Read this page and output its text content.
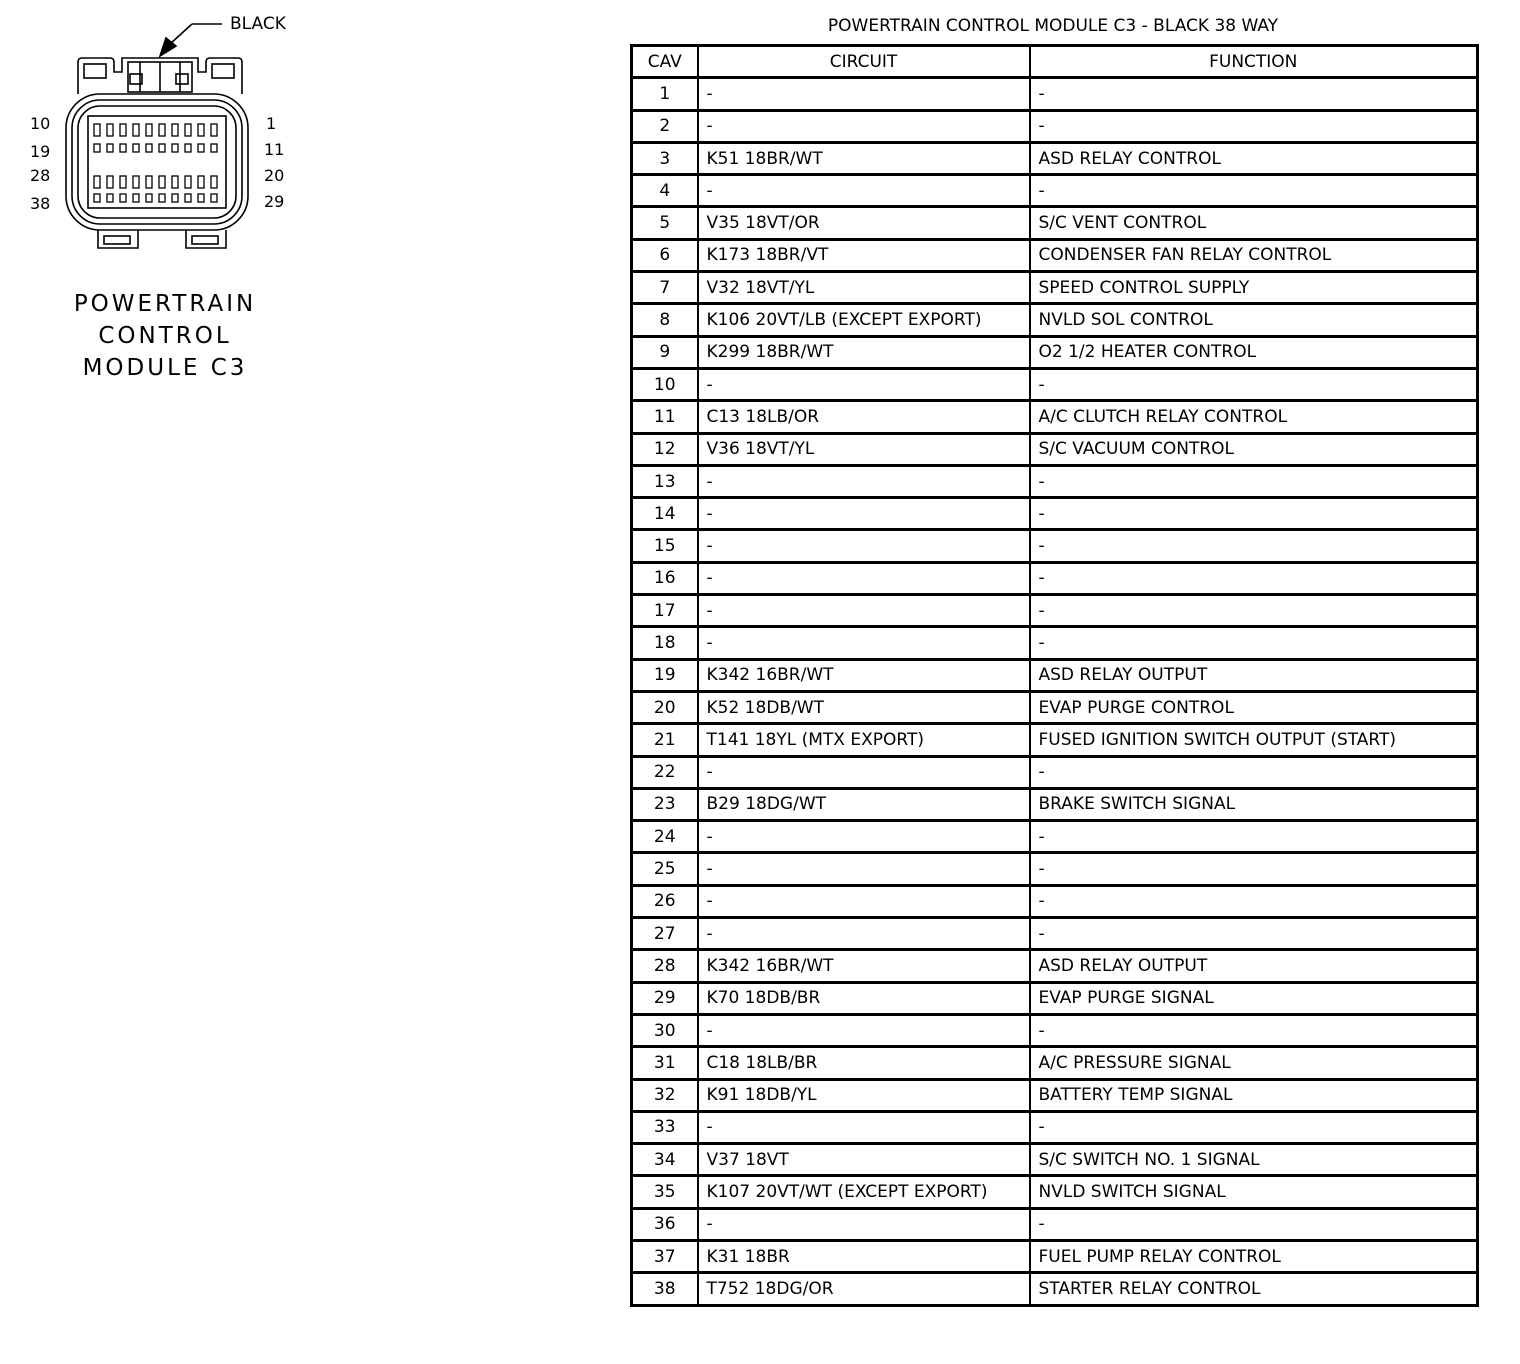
BLACK
10
19
28
38
1
11
20
29
POWERTRAIN
CONTROL
MODULE C3
POWERTRAIN CONTROL MODULE C3 - BLACK 38 WAY
CAV	CIRCUIT	FUNCTION
1	-	-
2	-	-
3	K51 18BR/WT	ASD RELAY CONTROL
4	-	-
5	V35 18VT/OR	S/C VENT CONTROL
6	K173 18BR/VT	CONDENSER FAN RELAY CONTROL
7	V32 18VT/YL	SPEED CONTROL SUPPLY
8	K106 20VT/LB (EXCEPT EXPORT)	NVLD SOL CONTROL
9	K299 18BR/WT	O2 1/2 HEATER CONTROL
10	-	-
11	C13 18LB/OR	A/C CLUTCH RELAY CONTROL
12	V36 18VT/YL	S/C VACUUM CONTROL
13	-	-
14	-	-
15	-	-
16	-	-
17	-	-
18	-	-
19	K342 16BR/WT	ASD RELAY OUTPUT
20	K52 18DB/WT	EVAP PURGE CONTROL
21	T141 18YL (MTX EXPORT)	FUSED IGNITION SWITCH OUTPUT (START)
22	-	-
23	B29 18DG/WT	BRAKE SWITCH SIGNAL
24	-	-
25	-	-
26	-	-
27	-	-
28	K342 16BR/WT	ASD RELAY OUTPUT
29	K70 18DB/BR	EVAP PURGE SIGNAL
30	-	-
31	C18 18LB/BR	A/C PRESSURE SIGNAL
32	K91 18DB/YL	BATTERY TEMP SIGNAL
33	-	-
34	V37 18VT	S/C SWITCH NO. 1 SIGNAL
35	K107 20VT/WT (EXCEPT EXPORT)	NVLD SWITCH SIGNAL
36	-	-
37	K31 18BR	FUEL PUMP RELAY CONTROL
38	T752 18DG/OR	STARTER RELAY CONTROL
